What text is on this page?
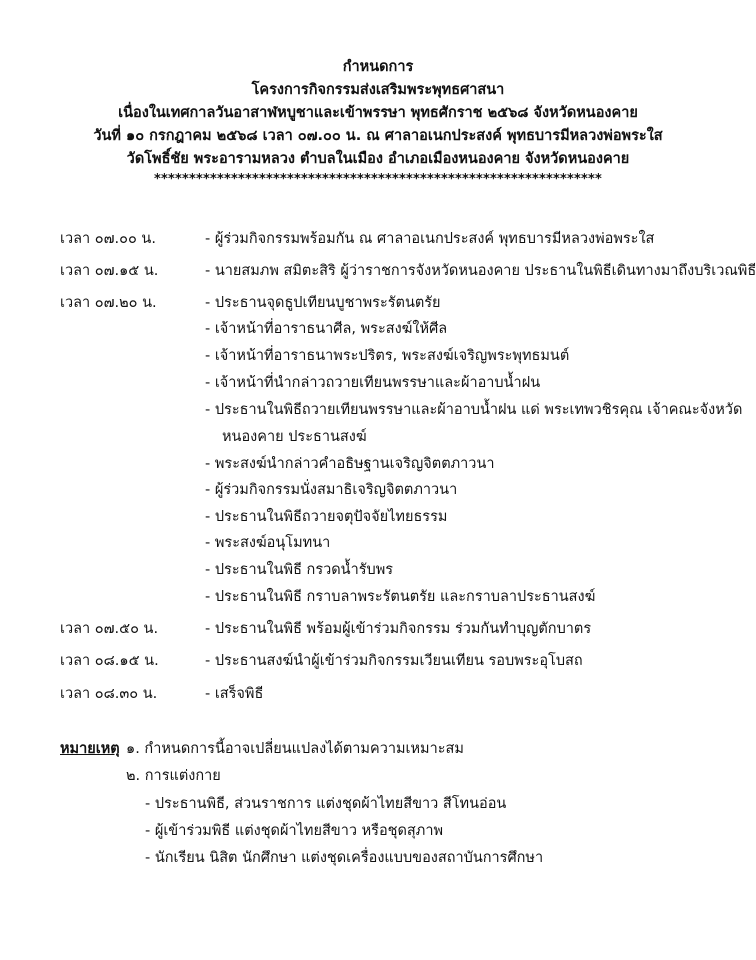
กำหนดการ
โครงการกิจกรรมส่งเสริมพระพุทธศาสนา
เนื่องในเทศกาลวันอาสาฬหบูชาและเข้าพรรษา พุทธศักราช ๒๕๖๘ จังหวัดหนองคาย
วันที่ ๑๐ กรกฎาคม ๒๕๖๘ เวลา ๐๗.๐๐ น. ณ ศาลาอเนกประสงค์ พุทธบารมีหลวงพ่อพระใส
วัดโพธิ์ชัย พระอารามหลวง ตำบลในเมือง อำเภอเมืองหนองคาย จังหวัดหนองคาย
****************************************************************
เวลา ๐๗.๐๐ น.	- ผู้ร่วมกิจกรรมพร้อมกัน ณ ศาลาอเนกประสงค์ พุทธบารมีหลวงพ่อพระใส
เวลา ๐๗.๑๕ น.	- นายสมภพ สมิตะสิริ ผู้ว่าราชการจังหวัดหนองคาย ประธานในพิธีเดินทางมาถึงบริเวณพิธี
เวลา ๐๗.๒๐ น.	- ประธานจุดธูปเทียนบูชาพระรัตนตรัย
- เจ้าหน้าที่อาราธนาศีล, พระสงฆ์ให้ศีล
- เจ้าหน้าที่อาราธนาพระปริตร, พระสงฆ์เจริญพระพุทธมนต์
- เจ้าหน้าที่นำกล่าวถวายเทียนพรรษาและผ้าอาบน้ำฝน
- ประธานในพิธีถวายเทียนพรรษาและผ้าอาบน้ำฝน แด่ พระเทพวชิรคุณ เจ้าคณะจังหวัด
หนองคาย ประธานสงฆ์
- พระสงฆ์นำกล่าวคำอธิษฐานเจริญจิตตภาวนา
- ผู้ร่วมกิจกรรมนั่งสมาธิเจริญจิตตภาวนา
- ประธานในพิธีถวายจตุปัจจัยไทยธรรม
- พระสงฆ์อนุโมทนา
- ประธานในพิธี กรวดน้ำรับพร
- ประธานในพิธี กราบลาพระรัตนตรัย และกราบลาประธานสงฆ์
เวลา ๐๗.๕๐ น.	- ประธานในพิธี พร้อมผู้เข้าร่วมกิจกรรม ร่วมกันทำบุญตักบาตร
เวลา ๐๘.๑๕ น.	- ประธานสงฆ์นำผู้เข้าร่วมกิจกรรมเวียนเทียน รอบพระอุโบสถ
เวลา ๐๘.๓๐ น.	- เสร็จพิธี
หมายเหตุ ๑. กำหนดการนี้อาจเปลี่ยนแปลงได้ตามความเหมาะสม
๒. การแต่งกาย
- ประธานพิธี, ส่วนราชการ แต่งชุดผ้าไทยสีขาว สีโทนอ่อน
- ผู้เข้าร่วมพิธี แต่งชุดผ้าไทยสีขาว หรือชุดสุภาพ
- นักเรียน นิสิต นักศึกษา แต่งชุดเครื่องแบบของสถาบันการศึกษา
